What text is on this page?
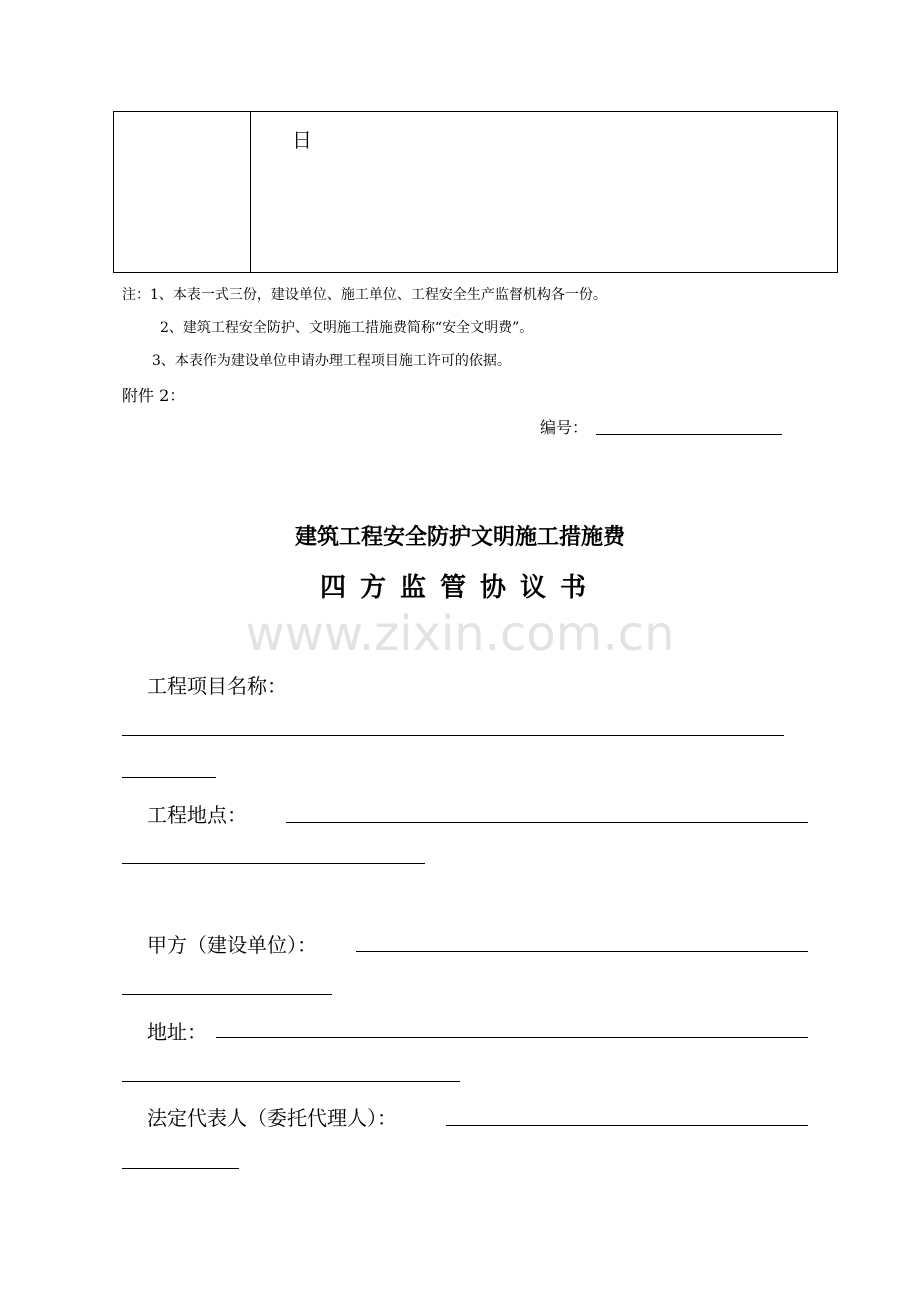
日
注：1、本表一式三份，建设单位、施工单位、工程安全生产监督机构各一份。
2、建筑工程安全防护、文明施工措施费简称“安全文明费”。
3、本表作为建设单位申请办理工程项目施工许可的依据。
附件 2：
编号：
建筑工程安全防护文明施工措施费
四方监管协议书
www.zixin.com.cn
工程项目名称：
工程地点：
甲方（建设单位）：
地址：
法定代表人（委托代理人）：
